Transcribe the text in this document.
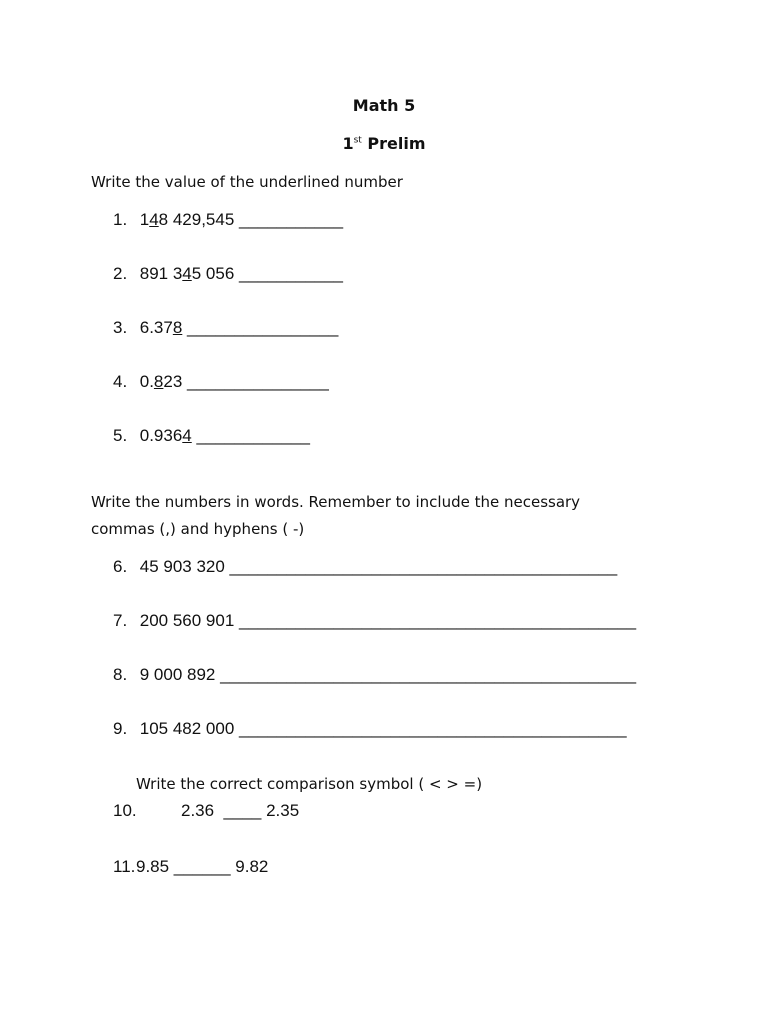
Math 5
1st Prelim
Write the value of the underlined number
1. 148 429,545 ___________
2. 891 345 056 ___________
3. 6.378 ________________
4. 0.823 _______________
5. 0.9364 ____________
Write the numbers in words. Remember to include the necessary
commas (,) and hyphens ( -)
6. 45 903 320 _________________________________________
7. 200 560 901 __________________________________________
8. 9 000 892 ____________________________________________
9. 105 482 000 _________________________________________
Write the correct comparison symbol ( < > =)
10.	2.36  ____ 2.35
11.9.85 ______ 9.82
